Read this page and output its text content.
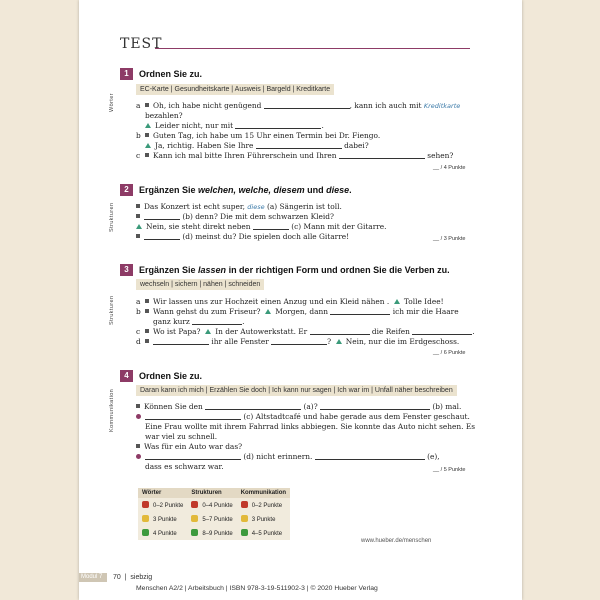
TEST
1	Ordnen Sie zu.
Wörter
EC-Karte | Gesundheitskarte | Ausweis | Bargeld | Kreditkarte
a Oh, ich habe nicht genügend	, kann ich auch mit Kreditkarte
bezahlen?
Leider nicht, nur mit	.
b Guten Tag, ich habe um 15 Uhr einen Termin bei Dr. Fiengo.
Ja, richtig. Haben Sie Ihre	dabei?
c Kann ich mal bitte Ihren Führerschein und Ihren	sehen?
__ / 4 Punkte
2	Ergänzen Sie welchen, welche, diesem und diese.
Strukturen	Das Konzert ist echt super, diese (a) Sängerin ist toll.
(b) denn? Die mit dem schwarzen Kleid?
Nein, sie steht direkt neben	(c) Mann mit der Gitarre.
(d) meinst du? Die spielen doch alle Gitarre!	__ / 3 Punkte
3	Ergänzen Sie lassen in der richtigen Form und ordnen Sie die Verben zu.
Strukturen
wechseln | sichern | nähen | schneiden
a Wir lassen uns zur Hochzeit einen Anzug und ein Kleid nähen . Tolle Idee!
b Wann gehst du zum Friseur? Morgen, dann	ich mir die Haare
ganz kurz	.
c Wo ist Papa? In der Autowerkstatt. Er	die Reifen	.
d	ihr alle Fenster	? Nein, nur die im Erdgeschoss.
__ / 6 Punkte
4	Ordnen Sie zu.
Kommunikation	Daran kann ich mich | Erzählen Sie doch | Ich kann nur sagen | Ich war im | Unfall näher beschreiben
Können Sie den	(a)?	(b) mal.
(c) Altstadtcafé und habe gerade aus dem Fenster geschaut.
Eine Frau wollte mit ihrem Fahrrad links abbiegen. Sie konnte das Auto nicht sehen. Es
war viel zu schnell.
Was für ein Auto war das?
(d) nicht erinnern.	(e),
dass es schwarz war.	__ / 5 Punkte
Wörter	Strukturen	Kommunikation
0–2 Punkte	0–4 Punkte	0–2 Punkte
3 Punkte	5–7 Punkte	3 Punkte
4 Punkte	8–9 Punkte	4–5 Punkte
www.hueber.de/menschen
Modul 7	70  |  siebzig
Menschen A2/2 | Arbeitsbuch | ISBN 978-3-19-511902-3 | © 2020 Hueber Verlag
